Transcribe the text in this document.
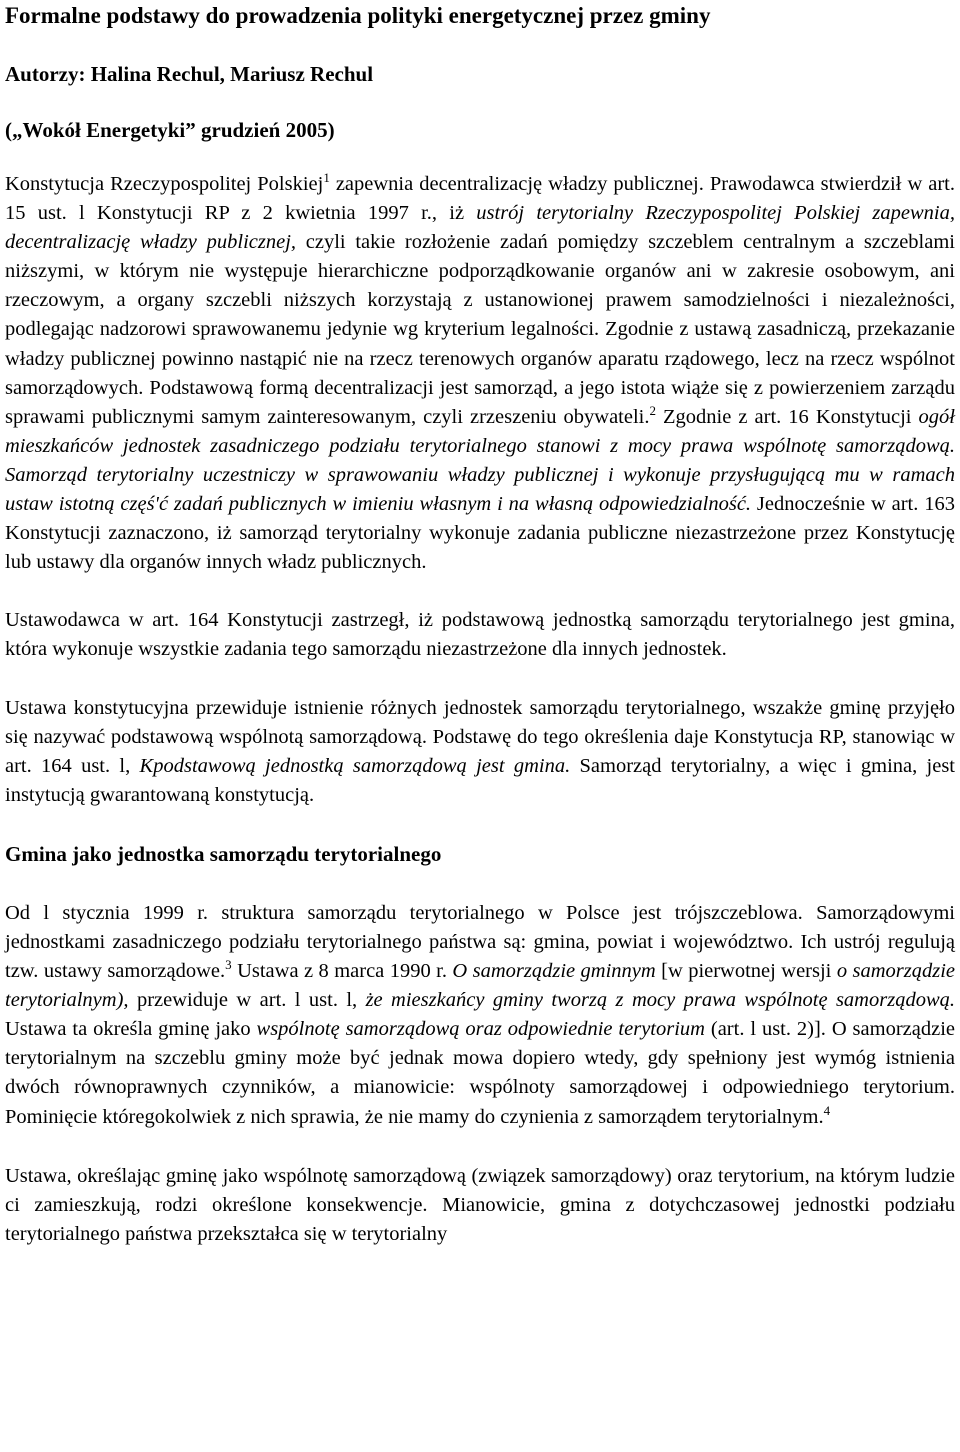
Formalne podstawy do prowadzenia polityki energetycznej przez gminy
Autorzy: Halina Rechul, Mariusz Rechul
(„Wokół Energetyki” grudzień 2005)

Konstytucja Rzeczypospolitej Polskiej$^1$ zapewnia decentralizację władzy publicznej. Prawodawca stwierdził w art. 15 ust. l Konstytucji RP z 2 kwietnia 1997 r., iż ustrój terytorialny Rzeczypospolitej Polskiej zapewnia, decentralizację władzy publicznej, czyli takie rozłożenie zadań pomiędzy szczeblem centralnym a szczeblami niższymi, w którym nie występuje hierarchiczne podporządkowanie organów ani w zakresie osobowym, ani rzeczowym, a organy szczebli niższych korzystają z ustanowionej prawem samodzielności i niezależności, podlegając nadzorowi sprawowanemu jedynie wg kryterium legalności. Zgodnie z ustawą zasadniczą, przekazanie władzy publicznej powinno nastąpić nie na rzecz terenowych organów aparatu rządowego, lecz na rzecz wspólnot samorządowych. Podstawową formą decentralizacji jest samorząd, a jego istota wiąże się z powierzeniem zarządu sprawami publicznymi samym zainteresowanym, czyli zrzeszeniu obywateli.$^2$ Zgodnie z art. 16 Konstytucji ogół mieszkańców jednostek zasadniczego podziału terytorialnego stanowi z mocy prawa wspólnotę samorządową. Samorząd terytorialny uczestniczy w sprawowaniu władzy publicznej i wykonuje przysługującą mu w ramach ustaw istotną częś'ć zadań publicznych w imieniu własnym i na własną odpowiedzialność. Jednocześnie w art. 163 Konstytucji zaznaczono, iż samorząd terytorialny wykonuje zadania publiczne niezastrzeżone przez Konstytucję lub ustawy dla organów innych władz publicznych.

Ustawodawca w art. 164 Konstytucji zastrzegł, iż podstawową jednostką samorządu terytorialnego jest gmina, która wykonuje wszystkie zadania tego samorządu niezastrzeżone dla innych jednostek.

Ustawa konstytucyjna przewiduje istnienie różnych jednostek samorządu terytorialnego, wszakże gminę przyjęło się nazywać podstawową wspólnotą samorządową. Podstawę do tego określenia daje Konstytucja RP, stanowiąc w art. 164 ust. l, Kpodstawową jednostką samorządową jest gmina. Samorząd terytorialny, a więc i gmina, jest instytucją gwarantowaną konstytucją.

Gmina jako jednostka samorządu terytorialnego

Od l stycznia 1999 r. struktura samorządu terytorialnego w Polsce jest trójszczeblowa. Samorządowymi jednostkami zasadniczego podziału terytorialnego państwa są: gmina, powiat i województwo. Ich ustrój regulują tzw. ustawy samorządowe.$^3$ Ustawa z 8 marca 1990 r. O samorządzie gminnym [w pierwotnej wersji o samorządzie terytorialnym), przewiduje w art. l ust. l, że mieszkańcy gminy tworzą z mocy prawa wspólnotę samorządową. Ustawa ta określa gminę jako wspólnotę samorządową oraz odpowiednie terytorium (art. l ust. 2)]. O samorządzie terytorialnym na szczeblu gminy może być jednak mowa dopiero wtedy, gdy spełniony jest wymóg istnienia dwóch równoprawnych czynników, a mianowicie: wspólnoty samorządowej i odpowiedniego terytorium. Pominięcie któregokolwiek z nich sprawia, że nie mamy do czynienia z samorządem terytorialnym.$^4$

Ustawa, określając gminę jako wspólnotę samorządową (związek samorządowy) oraz terytorium, na którym ludzie ci zamieszkują, rodzi określone konsekwencje. Mianowicie, gmina z dotychczasowej jednostki podziału terytorialnego państwa przekształca się w terytorialny
